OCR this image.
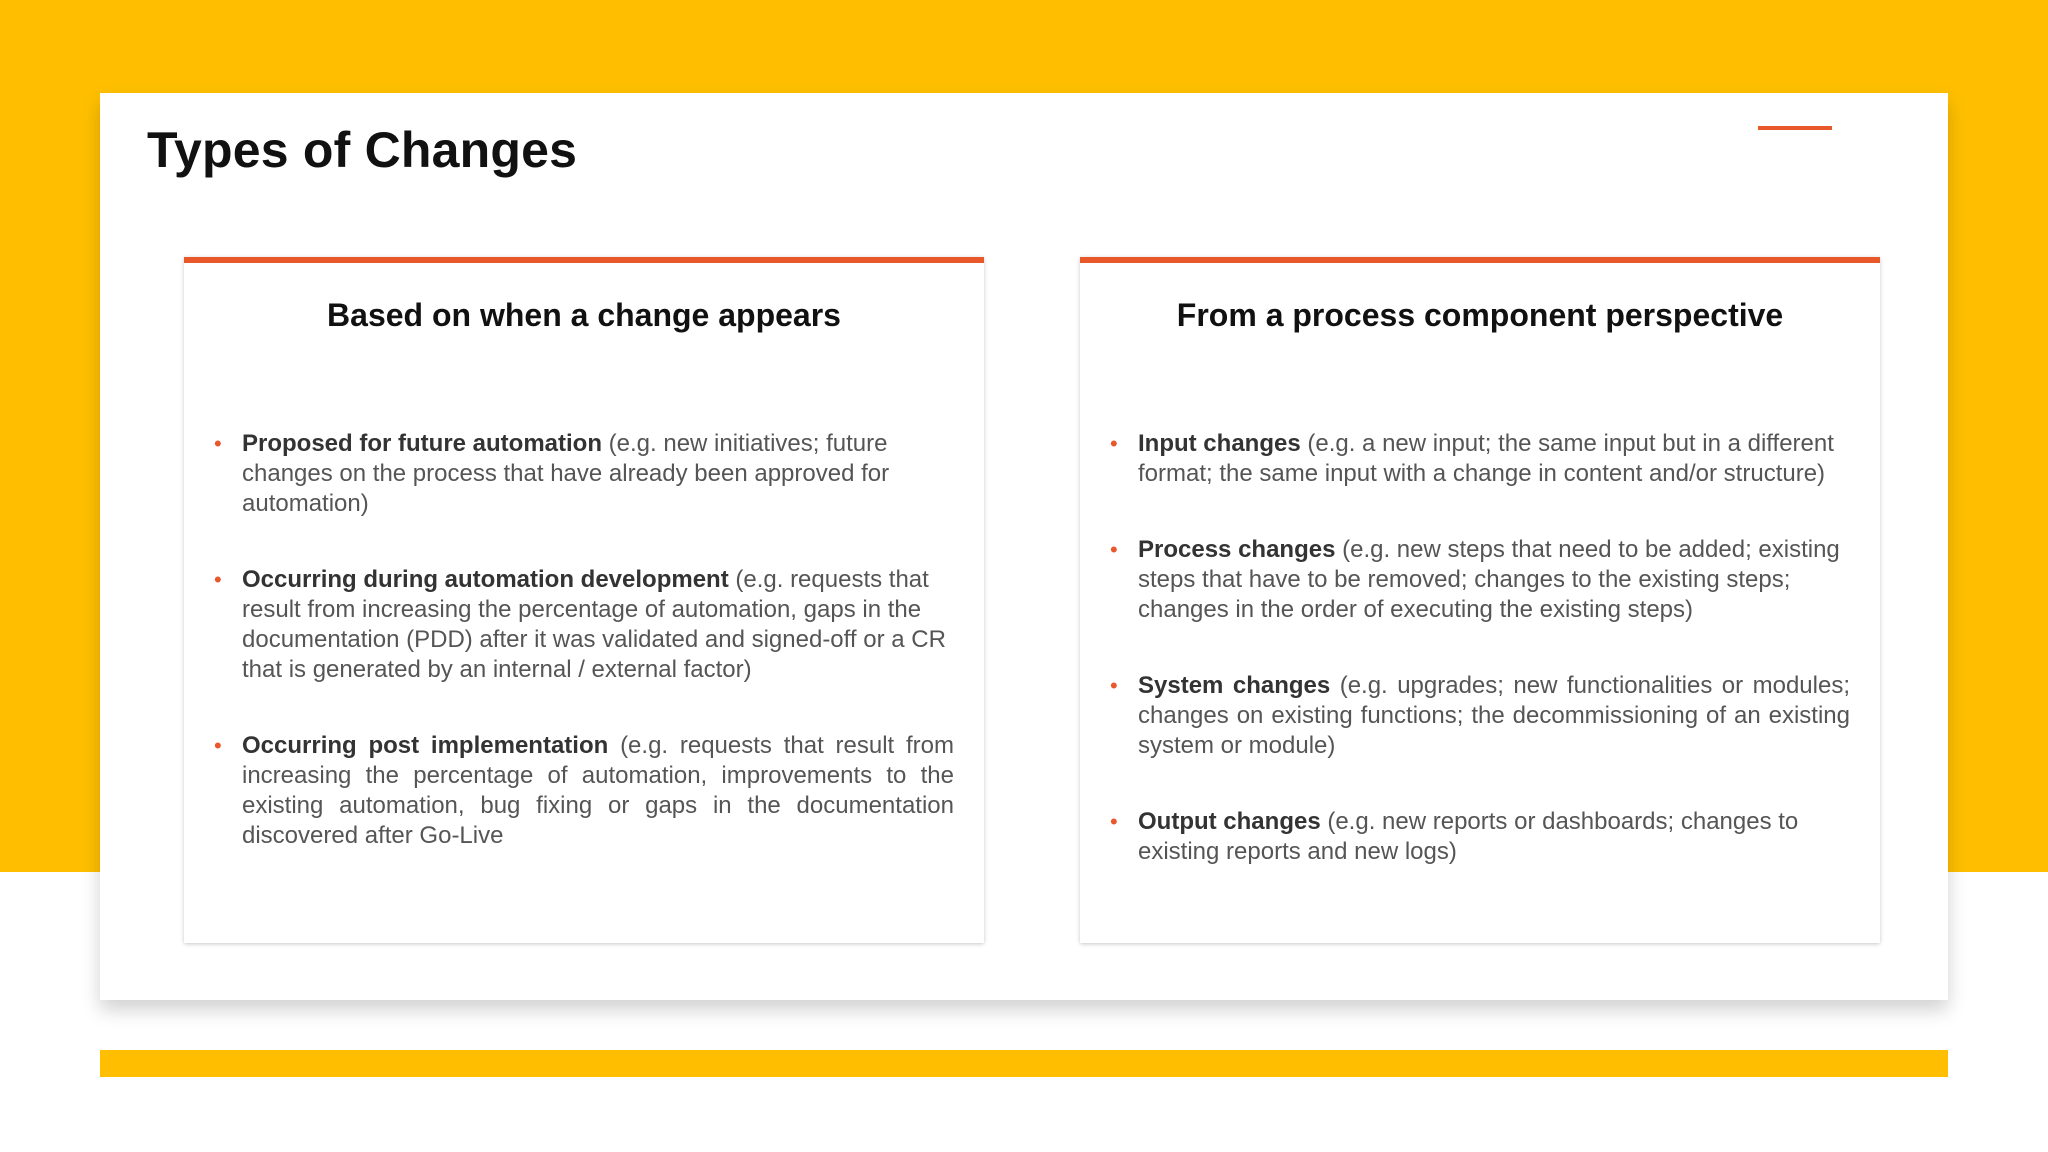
Types of Changes
Based on when a change appears
• Proposed for future automation (e.g. new initiatives; future changes on the process that have already been approved for automation)
• Occurring during automation development (e.g. requests that result from increasing the percentage of automation, gaps in the documentation (PDD) after it was validated and signed-off or a CR that is generated by an internal / external factor)
• Occurring post implementation (e.g. requests that result from increasing the percentage of automation, improvements to the existing automation, bug fixing or gaps in the documentation discovered after Go-Live
From a process component perspective
• Input changes (e.g. a new input; the same input but in a different format; the same input with a change in content and/or structure)
• Process changes (e.g. new steps that need to be added; existing steps that have to be removed; changes to the existing steps; changes in the order of executing the existing steps)
• System changes (e.g. upgrades; new functionalities or modules; changes on existing functions; the decommissioning of an existing system or module)
• Output changes (e.g. new reports or dashboards; changes to existing reports and new logs)
